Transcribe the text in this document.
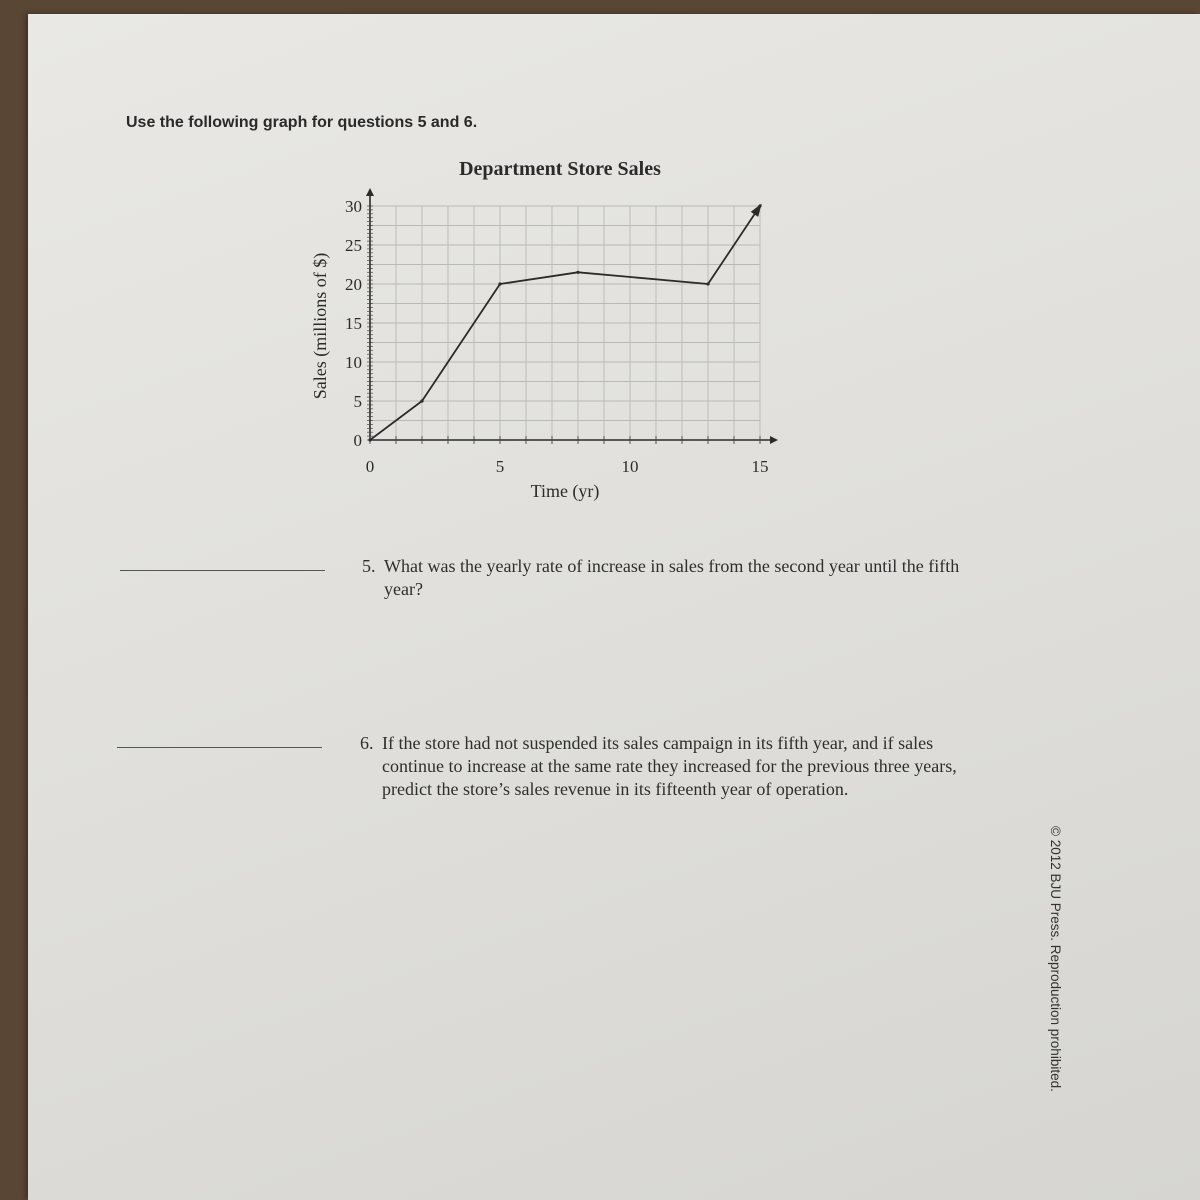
Use the following graph for questions 5 and 6.

Department Store Sales
0
5
10
15
20
25
30
0	5	10	15
Time (yr)
Sales (millions of $)

5. What was the yearly rate of increase in sales from the second year until the fifth year?

6. If the store had not suspended its sales campaign in its fifth year, and if sales continue to increase at the same rate they increased for the previous three years, predict the store’s sales revenue in its fifteenth year of operation.

© 2012 BJU Press. Reproduction prohibited.
